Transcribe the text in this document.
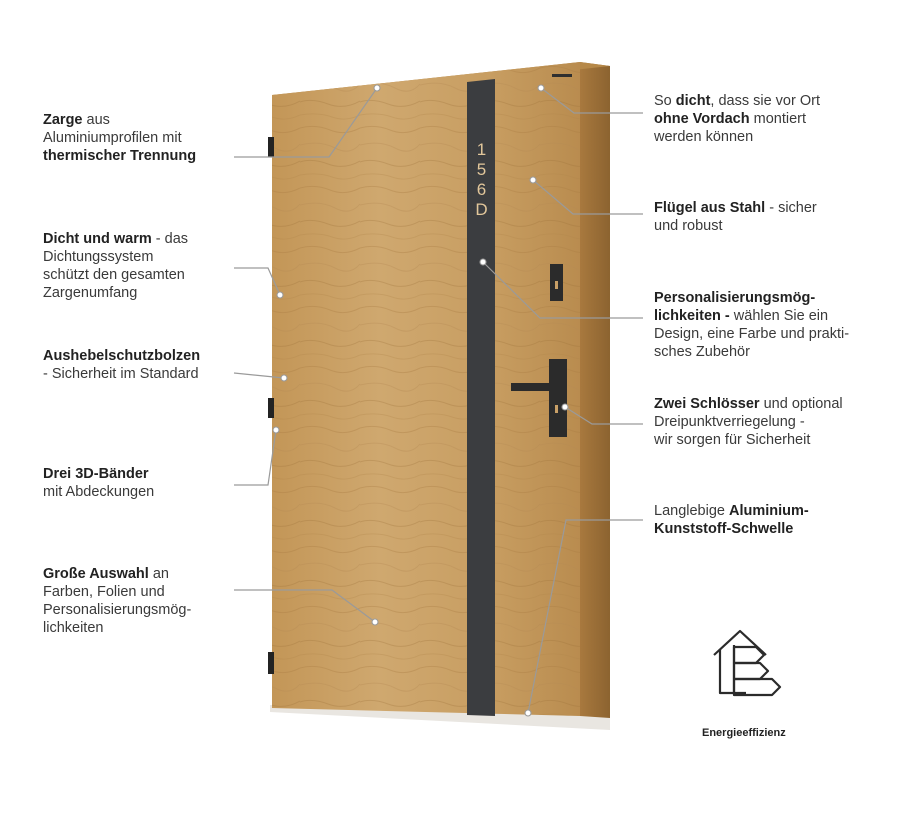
156D
Zarge aus
Aluminiumprofilen mit
thermischer Trennung
Dicht und warm - das
Dichtungssystem
schützt den gesamten
Zargenumfang
Aushebelschutzbolzen
- Sicherheit im Standard
Drei 3D-Bänder
mit Abdeckungen
Große Auswahl an
Farben, Folien und
Personalisierungsmög-
lichkeiten
So dicht, dass sie vor Ort
ohne Vordach montiert
werden können
Flügel aus Stahl - sicher
und robust
Personalisierungsmög-
lichkeiten - wählen Sie ein
Design, eine Farbe und prakti-
sches Zubehör
Zwei Schlösser und optional
Dreipunktverriegelung -
wir sorgen für Sicherheit
Langlebige Aluminium-
Kunststoff-Schwelle
Energieeffizienz
